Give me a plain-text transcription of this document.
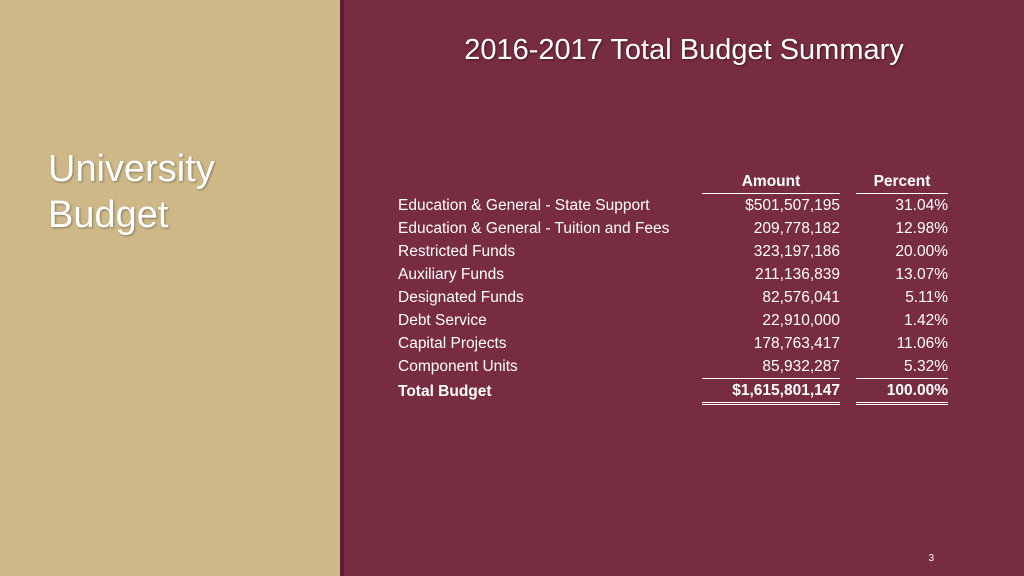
University Budget
2016-2017 Total Budget Summary
	Amount		Percent
Education & General - State Support	$501,507,195		31.04%
Education & General - Tuition and Fees	209,778,182		12.98%
Restricted Funds	323,197,186		20.00%
Auxiliary Funds	211,136,839		13.07%
Designated Funds	82,576,041		5.11%
Debt Service	22,910,000		1.42%
Capital Projects	178,763,417		11.06%
Component Units	85,932,287		5.32%
Total Budget	$1,615,801,147		100.00%
3
